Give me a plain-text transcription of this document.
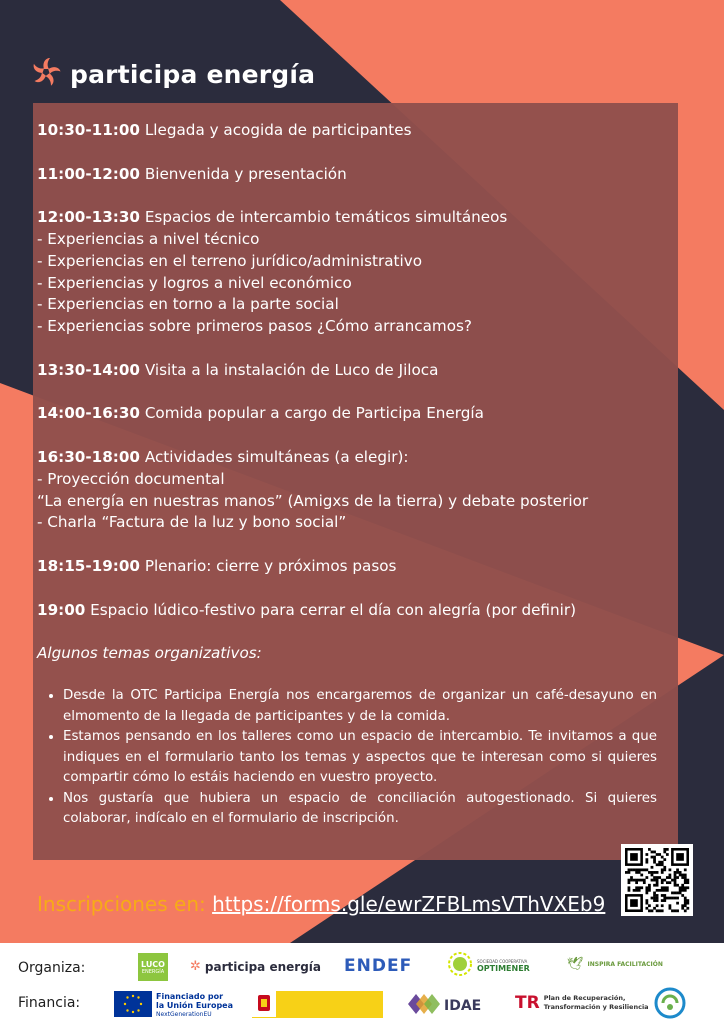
participa energía
10:30-11:00 Llegada y acogida de participantes
11:00-12:00 Bienvenida y presentación
12:00-13:30 Espacios de intercambio temáticos simultáneos
- Experiencias a nivel técnico
- Experiencias en el terreno jurídico/administrativo
- Experiencias y logros a nivel económico
- Experiencias en torno a la parte social
- Experiencias sobre primeros pasos ¿Cómo arrancamos?
13:30-14:00 Visita a la instalación de Luco de Jiloca
14:00-16:30 Comida popular a cargo de Participa Energía
16:30-18:00 Actividades simultáneas (a elegir):
- Proyección documental
“La energía en nuestras manos” (Amigxs de la tierra) y debate posterior
- Charla “Factura de la luz y bono social”
18:15-19:00 Plenario: cierre y próximos pasos
19:00 Espacio lúdico-festivo para cerrar el día con alegría (por definir)
Algunos temas organizativos:
• Desde la OTC Participa Energía nos encargaremos de organizar un café-desayuno en elmomento de la llegada de participantes y de la comida.
• Estamos pensando en los talleres como un espacio de intercambio. Te invitamos a que indiques en el formulario tanto los temas y aspectos que te interesan como si quieres compartir cómo lo estáis haciendo en vuestro proyecto.
• Nos gustaría que hubiera un espacio de conciliación autogestionado. Si quieres colaborar, indícalo en el formulario de inscripción.
Inscripciones en: https://forms.gle/ewrZFBLmsVThVXEb9
Organiza:
Financia:
LUCO
ENERGÍA ✲ participa energía ENDEF	SOCIEDAD COOPERATIVA
OPTIMENER	🕊 INSPIRA FACILITACIÓN
Financiado por
la Unión Europea
NextGenerationEU
IDAE TR Plan de Recuperación,
Transformación y Resiliencia
